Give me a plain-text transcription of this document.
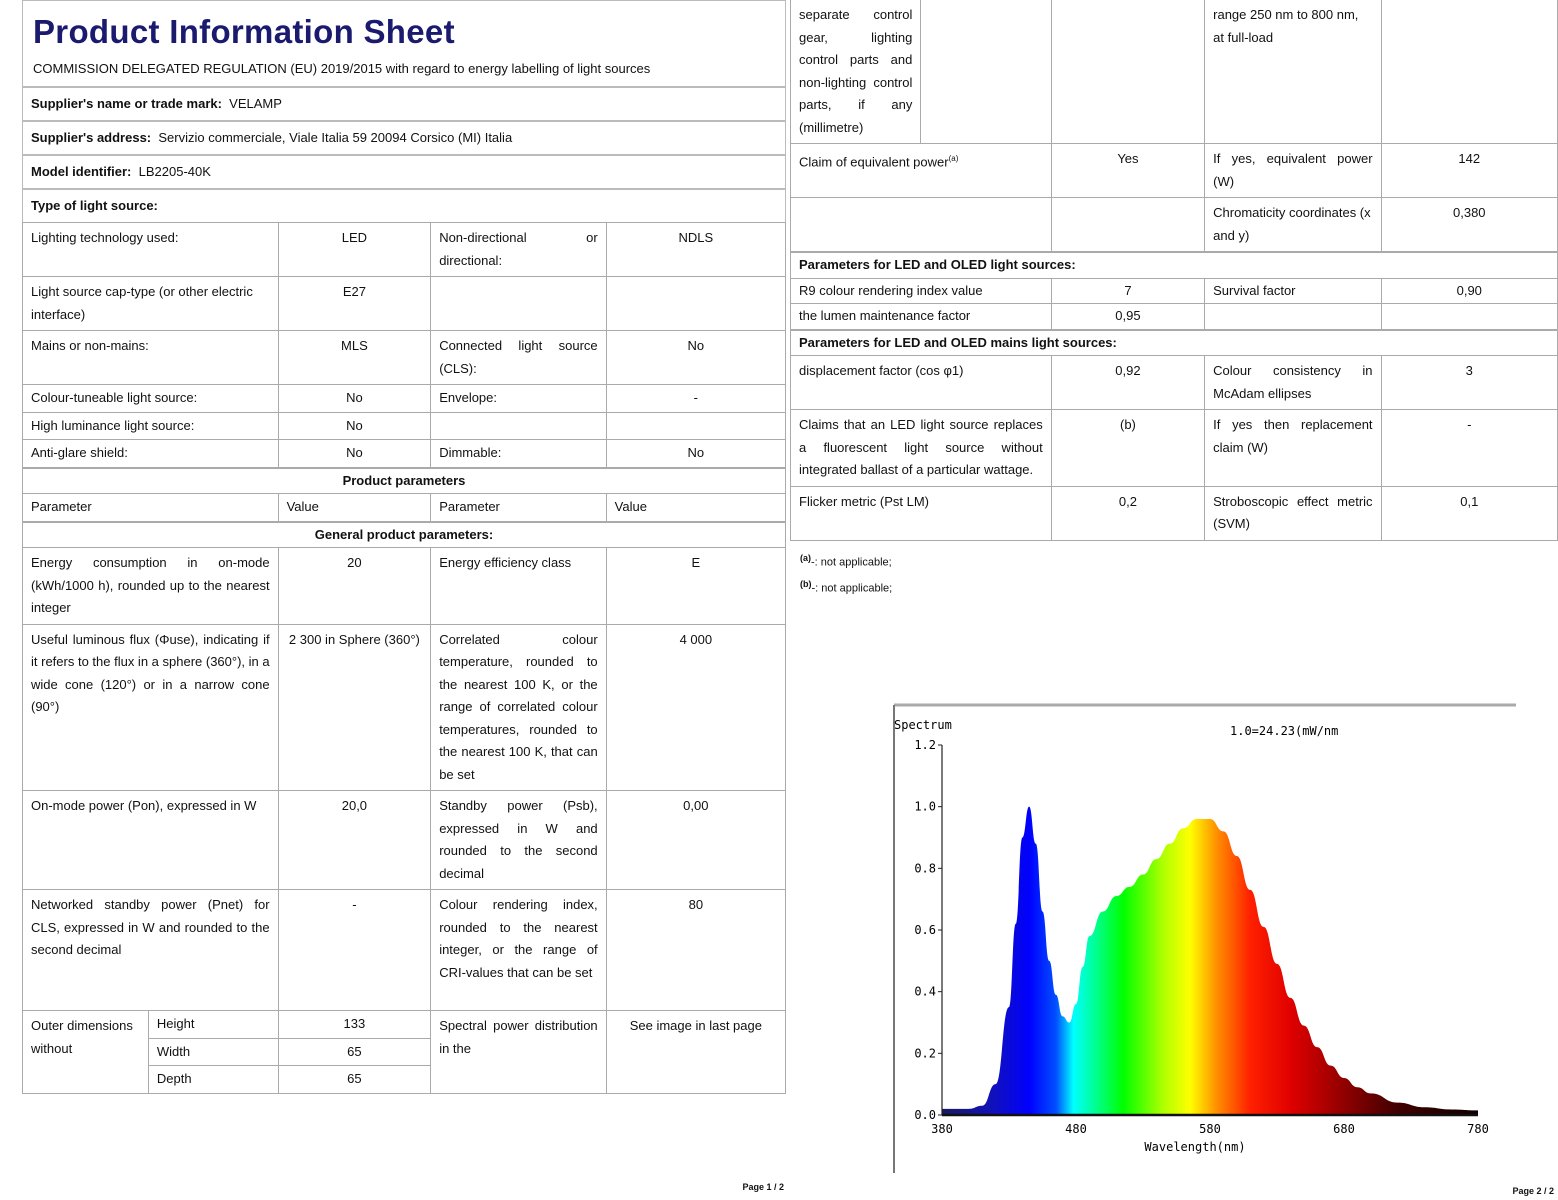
Product Information Sheet
COMMISSION DELEGATED REGULATION (EU) 2019/2015 with regard to energy labelling of light sources
Supplier's name or trade mark: VELAMP
Supplier's address: Servizio commerciale, Viale Italia 59 20094 Corsico (MI) Italia
Model identifier: LB2205-40K
Type of light source:
Lighting technology used:		LED	Non-directional or directional:	NDLS
Light source cap-type (or other electric interface)		E27		
Mains or non-mains:		MLS	Connected light source (CLS):	No
Colour-tuneable light source:		No	Envelope:	-
High luminance light source:		No		
Anti-glare shield:		No	Dimmable:	No
Product parameters				
Parameter		Value	Parameter	Value
General product parameters:				
Energy consumption in on-mode (kWh/1000 h), rounded up to the nearest integer		20	Energy efficiency class	E
Useful luminous flux (Φuse), indicating if it refers to the flux in a sphere (360°), in a wide cone (120°) or in a narrow cone (90°)		2 300 in Sphere (360°)	Correlated colour temperature, rounded to the nearest 100 K, or the range of correlated colour temperatures, rounded to the nearest 100 K, that can be set	4 000
On-mode power (Pon), expressed in W		20,0	Standby power (Psb), expressed in W and rounded to the second decimal	0,00
Networked standby power (Pnet) for CLS, expressed in W and rounded to the second decimal		-	Colour rendering index, rounded to the nearest integer, or the range of CRI-values that can be set	80
Outer dimensions without	Height	133	Spectral power distribution in the	See image in last page
	Width	65		
	Depth	65		
Page 1 / 2
separate control gear, lighting control parts and non-lighting control parts, if any (millimetre)			range 250 nm to 800 nm, at full-load	
Claim of equivalent power$^{(a)}$		Yes	If yes, equivalent power (W)	142
			Chromaticity coordinates (x and y)	0,380
Parameters for LED and OLED light sources:				
R9 colour rendering index value		7	Survival factor	0,90
the lumen maintenance factor		0,95		
Parameters for LED and OLED mains light sources:				
displacement factor (cos φ1)		0,92	Colour consistency in McAdam ellipses	3
Claims that an LED light source replaces a fluorescent light source without integrated ballast of a particular wattage.		(b)	If yes then replacement claim (W)	-
Flicker metric (Pst LM)		0,2	Stroboscopic effect metric (SVM)	0,1
$^{(a)}$-: not applicable;
$^{(b)}$-: not applicable;
Spectrum	1.0=24.23(mW/nm
0.0
0.2
0.4
0.6
0.8
1.0
1.2
380	480	580	680	780
Wavelength(nm)
Page 2 / 2
